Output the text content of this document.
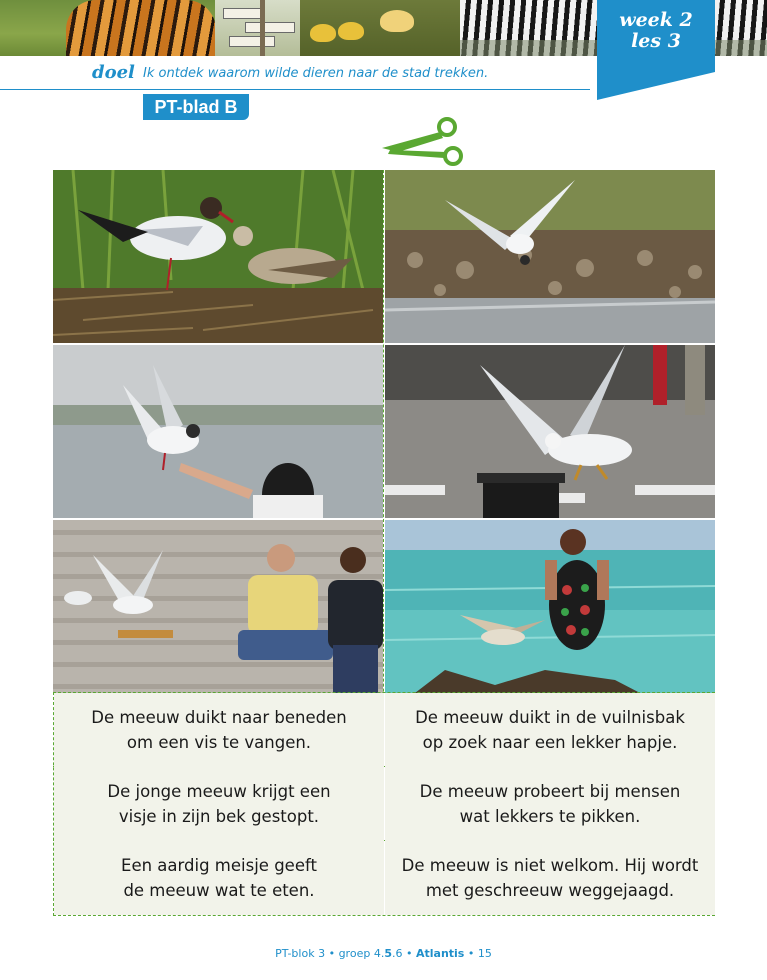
week 2
les 3
doel Ik ontdek waarom wilde dieren naar de stad trekken.
PT-blad B
De meeuw duikt naar beneden
om een vis te vangen.
De meeuw duikt in de vuilnisbak
op zoek naar een lekker hapje.
De jonge meeuw krijgt een
visje in zijn bek gestopt.
De meeuw probeert bij mensen
wat lekkers te pikken.
Een aardig meisje geeft
de meeuw wat te eten.
De meeuw is niet welkom. Hij wordt
met geschreeuw weggejaagd.
PT-blok 3 • groep 4.5.6 • Atlantis • 15
